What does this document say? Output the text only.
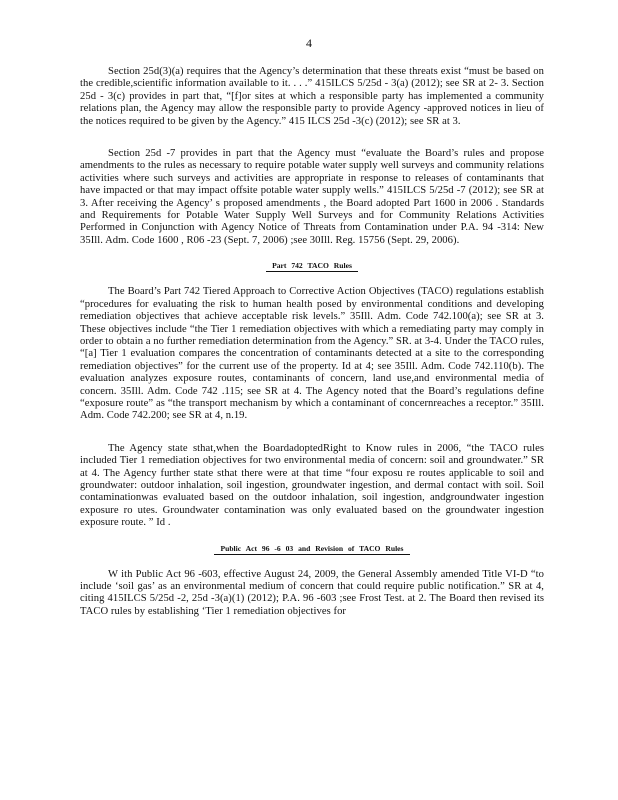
4

Section 25d(3)(a) requires that the Agency’s determination that these threats exist “must be based on the credible,scientific information available to it. . . .” 415ILCS 5/25d - 3(a) (2012); see SR at 2- 3. Section 25d - 3(c) provides in part that, “[f]or sites at which a responsible party has implemented a community relations plan, the Agency may allow the responsible party to provide Agency -approved notices in lieu of the notices required to be given by the Agency.” 415 ILCS 25d -3(c) (2012); see SR at 3.

Section 25d -7 provides in part that the Agency must “evaluate the Board’s rules and propose amendments to the rules as necessary to require potable water supply well surveys and community relations activities where such surveys and activities are appropriate in response to releases of contaminants that have impacted or that may impact offsite potable water supply wells.” 415ILCS 5/25d -7 (2012); see SR at 3. After receiving the Agency’ s proposed amendments , the Board adopted Part 1600 in 2006 . Standards and Requirements for Potable Water Supply Well Surveys and for Community Relations Activities Performed in Conjunction with Agency Notice of Threats from Contamination under P.A. 94 -314: New 35Ill. Adm. Code 1600 , R06 -23 (Sept. 7, 2006) ;see 30Ill. Reg. 15756 (Sept. 29, 2006).

Part 742 TACO Rules

The Board’s Part 742 Tiered Approach to Corrective Action Objectives (TACO) regulations establish “procedures for evaluating the risk to human health posed by environmental conditions and developing remediation objectives that achieve acceptable risk levels.” 35Ill. Adm. Code 742.100(a); see SR at 3. These objectives include “the Tier 1 remediation objectives with which a remediating party may comply in order to obtain a no further remediation determination from the Agency.” SR. at 3-4. Under the TACO rules, “[a] Tier 1 evaluation compares the concentration of contaminants detected at a site to the corresponding remediation objectives” for the current use of the property. Id at 4; see 35Ill. Adm. Code 742.110(b). The evaluation analyzes exposure routes, contaminants of concern, land use,and environmental media of concern. 35Ill. Adm. Code 742 .115; see SR at 4. The Agency noted that the Board’s regulations define “exposure route” as “the transport mechanism by which a contaminant of concernreaches a receptor.” 35Ill. Adm. Code 742.200; see SR at 4, n.19.

The Agency state sthat,when the BoardadoptedRight to Know rules in 2006, “the TACO rules included Tier 1 remediation objectives for two environmental media of concern: soil and groundwater.” SR at 4. The Agency further state sthat there were at that time “four exposu re routes applicable to soil and groundwater: outdoor inhalation, soil ingestion, groundwater ingestion, and dermal contact with soil. Soil contaminationwas evaluated based on the outdoor inhalation, soil ingestion, andgroundwater ingestion exposure ro utes. Groundwater contamination was only evaluated based on the groundwater ingestion exposure route. ” Id .

Public Act 96 -6 03 and Revision of TACO Rules

W ith Public Act 96 -603, effective August 24, 2009, the General Assembly amended Title VI-D “to include ‘soil gas’ as an environmental medium of concern that could require public notification.” SR at 4, citing 415ILCS 5/25d -2, 25d -3(a)(1) (2012); P.A. 96 -603 ;see Frost Test. at 2. The Board then revised its TACO rules by establishing ‘Tier 1 remediation objectives for
